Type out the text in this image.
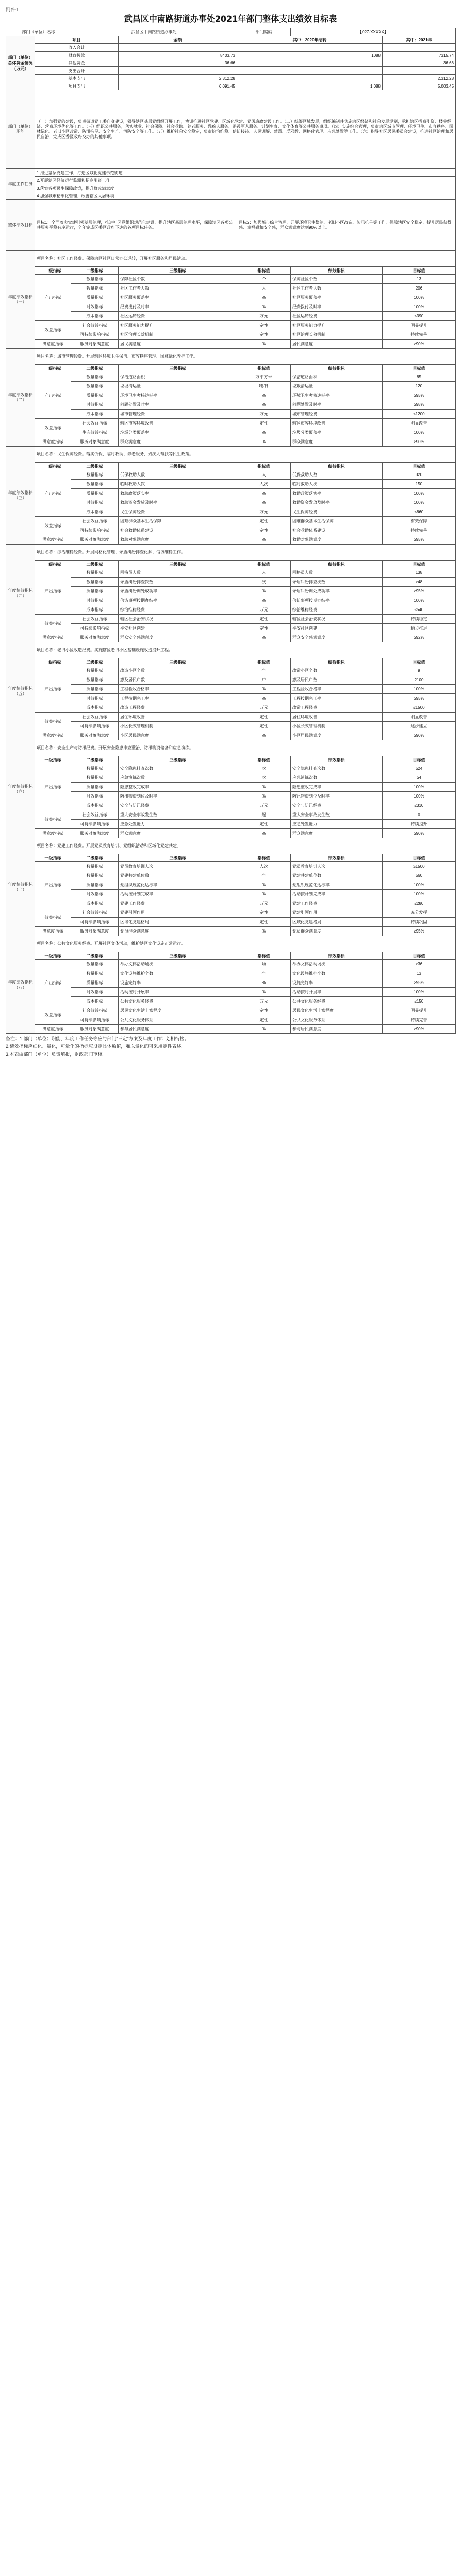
附件1
武昌区中南路街道办事处2021年部门整体支出绩效目标表
部门（单位）名称		武昌区中南路街道办事处		部门编码	【027-XXXXX】	
部门（单位）总体资金情况（万元）	项目		金额	其中：2020年结转		其中：2021年
	收入合计					
	财政拨款		8403.73	1088		7315.74
	其他资金		36.66			36.66
	支出合计					
	基本支出		2,312.28			2,312.28
	项目支出		6,091.45	1,088		5,003.45
部门（单位）职能	（一）加强党的建设，负责街道党工委自身建设，领导辖区基层党组织开展工作，协调推进社区党建、区域化党建、党风廉政建设工作。（二）统筹区域发展，组织编制并实施辖区经济和社会发展规划，承担辖区招商引资、楼宇经济、营商环境优化等工作。（三）组织公共服务，落实就业、社会保障、社会救助、养老服务、残疾人服务、退役军人服务、计划生育、文化体育等公共服务事项。（四）实施综合管理，负责辖区城市管理、环境卫生、市容秩序、园林绿化、老旧小区改造、防汛抗旱、安全生产、消防安全等工作。（五）维护社会安全稳定，负责综治维稳、信访接待、人民调解、禁毒、反邪教、网格化管理、应急处置等工作。（六）指导社区居民委员会建设，推进社区治理和居民自治，完成区委区政府交办的其他事项。					
年度工作任务	1.推进基层党建工作，打造区域化党建示范街道					
	2.开展辖区经济运行监测和招商引资工作					
	3.落实各项民生保障政策，提升群众满意度					
	4.加强城市精细化管理，改善辖区人居环境					
整体绩效目标	目标1：全面落实党建引领基层治理，推进社区党组织规范化建设，提升辖区基层治理水平，保障辖区各项公共服务平稳有序运行，全年完成区委区政府下达的各项目标任务。			目标2：加强城市综合管理，开展环境卫生整治、老旧小区改造、防汛抗旱等工作，保障辖区安全稳定，提升居民获得感、幸福感和安全感，群众满意度达到90%以上。		
年度绩效指标（一）	项目名称：社区工作经费。保障辖区社区日常办公运转，开展社区服务和居民活动。					
	一级指标	二级指标	三级指标	指标值	绩效指标	目标值
	产出指标	数量指标	保障社区个数	个	保障社区个数	13
		数量指标	社区工作者人数	人	社区工作者人数	206
		质量指标	社区服务覆盖率	%	社区服务覆盖率	100%
		时效指标	经费拨付及时率	%	经费拨付及时率	100%
		成本指标	社区运转经费	万元	社区运转经费	≤390
	效益指标	社会效益指标	社区服务能力提升	定性	社区服务能力提升	明显提升
		可持续影响指标	社区治理长效机制	定性	社区治理长效机制	持续完善
	满意度指标	服务对象满意度	居民满意度	%	居民满意度	≥90%
年度绩效指标（二）	项目名称：城市管理经费。开展辖区环境卫生保洁、市容秩序管理、园林绿化养护工作。					
	一级指标	二级指标	三级指标	指标值	绩效指标	目标值
	产出指标	数量指标	保洁道路面积	万平方米	保洁道路面积	85
		数量指标	垃圾清运量	吨/日	垃圾清运量	120
		质量指标	环境卫生考核达标率	%	环境卫生考核达标率	≥95%
		时效指标	问题处置及时率	%	问题处置及时率	≥98%
		成本指标	城市管理经费	万元	城市管理经费	≤1200
	效益指标	社会效益指标	辖区市容环境改善	定性	辖区市容环境改善	明显改善
		生态效益指标	垃圾分类覆盖率	%	垃圾分类覆盖率	100%
	满意度指标	服务对象满意度	群众满意度	%	群众满意度	≥90%
年度绩效指标（三）	项目名称：民生保障经费。落实低保、临时救助、养老服务、残疾人帮扶等民生政策。					
	一级指标	二级指标	三级指标	指标值	绩效指标	目标值
	产出指标	数量指标	低保救助人数	人	低保救助人数	320
		数量指标	临时救助人次	人次	临时救助人次	150
		质量指标	救助政策落实率	%	救助政策落实率	100%
		时效指标	救助资金发放及时率	%	救助资金发放及时率	100%
		成本指标	民生保障经费	万元	民生保障经费	≤860
	效益指标	社会效益指标	困难群众基本生活保障	定性	困难群众基本生活保障	有效保障
		可持续影响指标	社会救助体系建设	定性	社会救助体系建设	持续完善
	满意度指标	服务对象满意度	救助对象满意度	%	救助对象满意度	≥95%
年度绩效指标（四）	项目名称：综治维稳经费。开展网格化管理、矛盾纠纷排查化解、信访维稳工作。					
	一级指标	二级指标	三级指标	指标值	绩效指标	目标值
	产出指标	数量指标	网格员人数	人	网格员人数	138
		数量指标	矛盾纠纷排查次数	次	矛盾纠纷排查次数	≥48
		质量指标	矛盾纠纷调处成功率	%	矛盾纠纷调处成功率	≥95%
		时效指标	信访事项按期办结率	%	信访事项按期办结率	100%
		成本指标	综治维稳经费	万元	综治维稳经费	≤540
	效益指标	社会效益指标	辖区社会治安状况	定性	辖区社会治安状况	持续稳定
		可持续影响指标	平安社区创建	定性	平安社区创建	稳步推进
	满意度指标	服务对象满意度	群众安全感满意度	%	群众安全感满意度	≥92%
年度绩效指标（五）	项目名称：老旧小区改造经费。实施辖区老旧小区基础设施改造提升工程。					
	一级指标	二级指标	三级指标	指标值	绩效指标	目标值
	产出指标	数量指标	改造小区个数	个	改造小区个数	9
		数量指标	惠及居民户数	户	惠及居民户数	2100
		质量指标	工程验收合格率	%	工程验收合格率	100%
		时效指标	工程按期完工率	%	工程按期完工率	≥95%
		成本指标	改造工程经费	万元	改造工程经费	≤1500
	效益指标	社会效益指标	居住环境改善	定性	居住环境改善	明显改善
		可持续影响指标	小区长效管理机制	定性	小区长效管理机制	逐步建立
	满意度指标	服务对象满意度	小区居民满意度	%	小区居民满意度	≥90%
年度绩效指标（六）	项目名称：安全生产与防汛经费。开展安全隐患排查整治、防汛物资储备和应急演练。					
	一级指标	二级指标	三级指标	指标值	绩效指标	目标值
	产出指标	数量指标	安全隐患排查次数	次	安全隐患排查次数	≥24
		数量指标	应急演练次数	次	应急演练次数	≥4
		质量指标	隐患整改完成率	%	隐患整改完成率	100%
		时效指标	防汛物资到位及时率	%	防汛物资到位及时率	100%
		成本指标	安全与防汛经费	万元	安全与防汛经费	≤310
	效益指标	社会效益指标	重大安全事故发生数	起	重大安全事故发生数	0
		可持续影响指标	应急处置能力	定性	应急处置能力	持续提升
	满意度指标	服务对象满意度	群众满意度	%	群众满意度	≥90%
年度绩效指标（七）	项目名称：党建工作经费。开展党员教育培训、党组织活动和区域化党建共建。					
	一级指标	二级指标	三级指标	指标值	绩效指标	目标值
	产出指标	数量指标	党员教育培训人次	人次	党员教育培训人次	≥1500
		数量指标	党建共建单位数	个	党建共建单位数	≥60
		质量指标	党组织规范化达标率	%	党组织规范化达标率	100%
		时效指标	活动按计划完成率	%	活动按计划完成率	100%
		成本指标	党建工作经费	万元	党建工作经费	≤280
	效益指标	社会效益指标	党建引领作用	定性	党建引领作用	充分发挥
		可持续影响指标	区域化党建格局	定性	区域化党建格局	持续巩固
	满意度指标	服务对象满意度	党员群众满意度	%	党员群众满意度	≥95%
年度绩效指标（八）	项目名称：公共文化服务经费。开展社区文体活动，维护辖区文化设施正常运行。					
	一级指标	二级指标	三级指标	指标值	绩效指标	目标值
	产出指标	数量指标	举办文体活动场次	场	举办文体活动场次	≥36
		数量指标	文化设施维护个数	个	文化设施维护个数	13
		质量指标	设施完好率	%	设施完好率	≥95%
		时效指标	活动按时开展率	%	活动按时开展率	100%
		成本指标	公共文化服务经费	万元	公共文化服务经费	≤150
	效益指标	社会效益指标	居民文化生活丰富程度	定性	居民文化生活丰富程度	明显提升
		可持续影响指标	公共文化服务体系	定性	公共文化服务体系	持续完善
	满意度指标	服务对象满意度	参与居民满意度	%	参与居民满意度	≥90%
备注：1.部门（单位）职能、年度工作任务等应与部门“三定”方案及年度工作计划相衔接。
2.绩效指标应细化、量化，可量化的指标应设定具体数值，难以量化的可采用定性表述。
3.本表由部门（单位）负责填报，财政部门审核。
